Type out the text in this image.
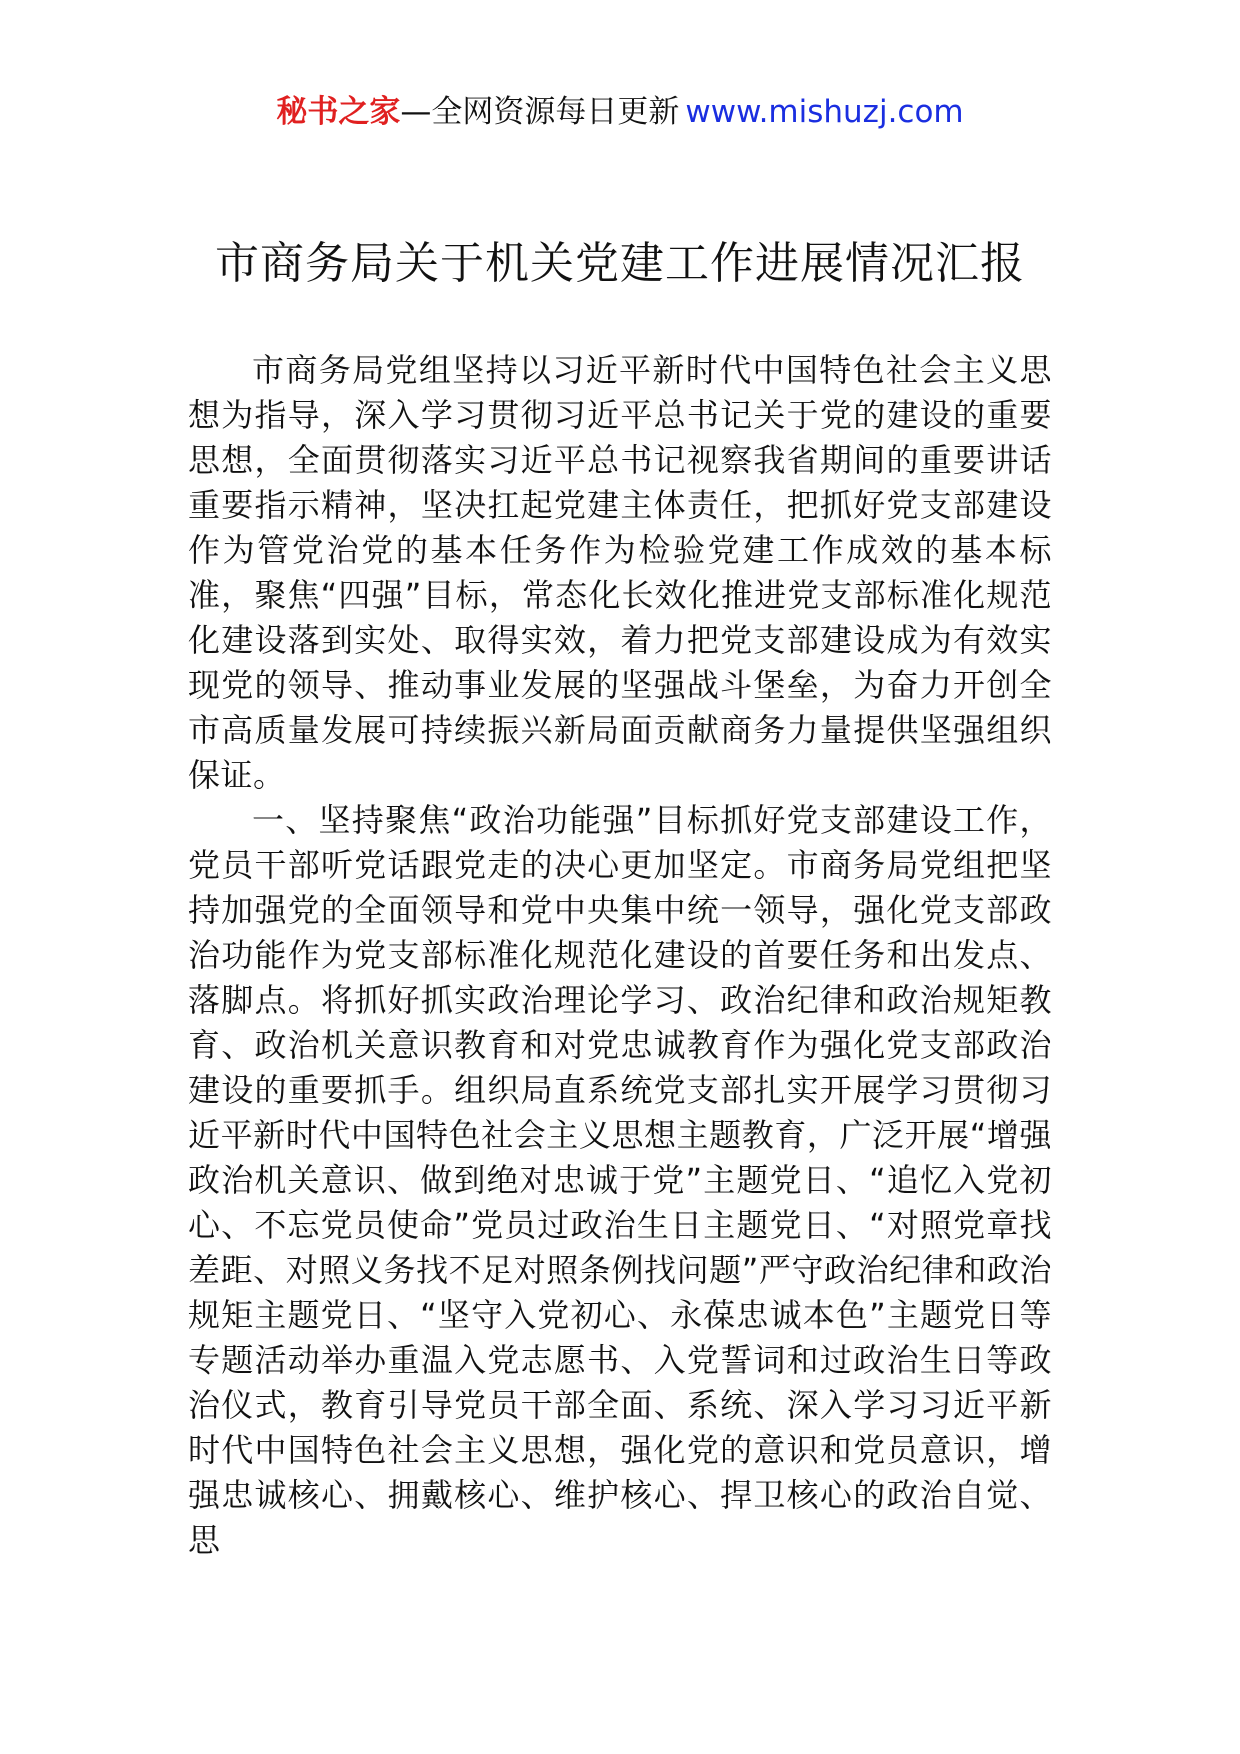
秘书之家—全网资源每日更新 www.mishuzj.com
市商务局关于机关党建工作进展情况汇报

市商务局党组坚持以习近平新时代中国特色社会主义思想为指导，深入学习贯彻习近平总书记关于党的建设的重要思想，全面贯彻落实习近平总书记视察我省期间的重要讲话重要指示精神，坚决扛起党建主体责任，把抓好党支部建设作为管党治党的基本任务作为检验党建工作成效的基本标准，聚焦“四强”目标，常态化长效化推进党支部标准化规范化建设落到实处、取得实效，着力把党支部建设成为有效实现党的领导、推动事业发展的坚强战斗堡垒，为奋力开创全市高质量发展可持续振兴新局面贡献商务力量提供坚强组织保证。

一、坚持聚焦“政治功能强”目标抓好党支部建设工作，党员干部听党话跟党走的决心更加坚定。市商务局党组把坚持加强党的全面领导和党中央集中统一领导，强化党支部政治功能作为党支部标准化规范化建设的首要任务和出发点、落脚点。将抓好抓实政治理论学习、政治纪律和政治规矩教育、政治机关意识教育和对党忠诚教育作为强化党支部政治建设的重要抓手。组织局直系统党支部扎实开展学习贯彻习近平新时代中国特色社会主义思想主题教育，广泛开展“增强政治机关意识、做到绝对忠诚于党”主题党日、“追忆入党初心、不忘党员使命”党员过政治生日主题党日、“对照党章找差距、对照义务找不足对照条例找问题”严守政治纪律和政治规矩主题党日、“坚守入党初心、永葆忠诚本色”主题党日等专题活动举办重温入党志愿书、入党誓词和过政治生日等政治仪式，教育引导党员干部全面、系统、深入学习习近平新时代中国特色社会主义思想，强化党的意识和党员意识，增强忠诚核心、拥戴核心、维护核心、捍卫核心的政治自觉、思
